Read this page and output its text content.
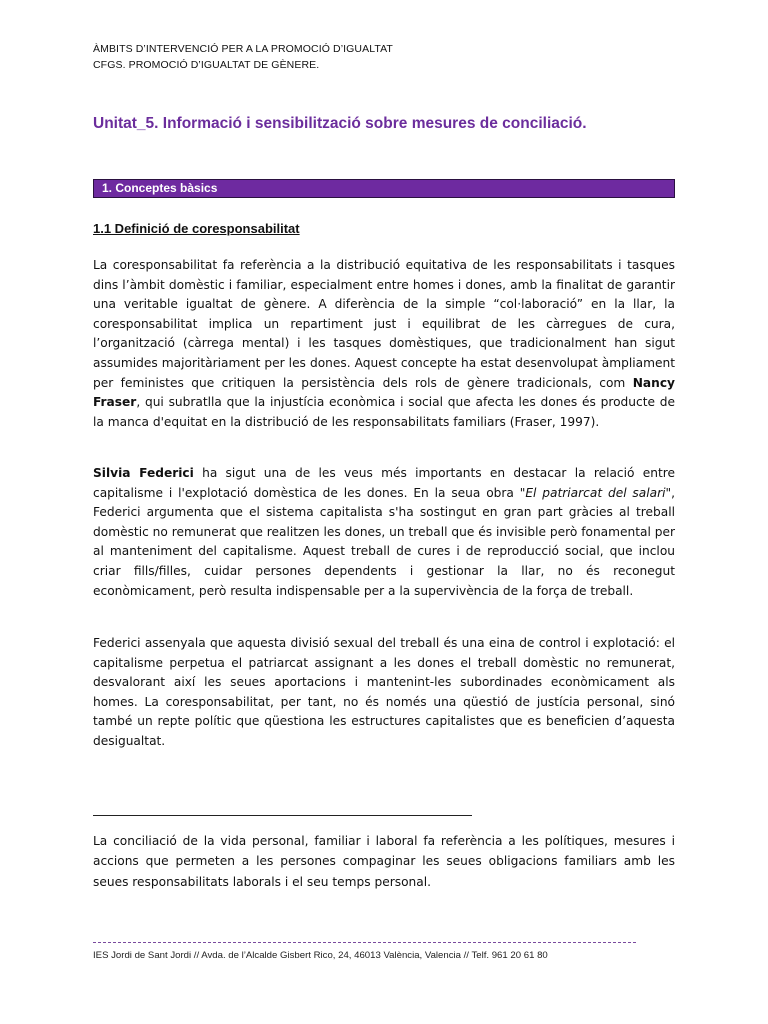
ÀMBITS D’INTERVENCIÓ PER A LA PROMOCIÓ D’IGUALTAT
CFGS. PROMOCIÓ D’IGUALTAT DE GÈNERE.
Unitat_5. Informació i sensibilització sobre mesures de conciliació.
1. Conceptes bàsics
1.1 Definició de coresponsabilitat

La coresponsabilitat fa referència a la distribució equitativa de les responsabilitats i tasques dins l’àmbit domèstic i familiar, especialment entre homes i dones, amb la finalitat de garantir una veritable igualtat de gènere. A diferència de la simple “col·laboració” en la llar, la coresponsabilitat implica un repartiment just i equilibrat de les càrregues de cura, l’organització (càrrega mental) i les tasques domèstiques, que tradicionalment han sigut assumides majoritàriament per les dones. Aquest concepte ha estat desenvolupat àmpliament per feministes que critiquen la persistència dels rols de gènere tradicionals, com Nancy Fraser, qui subratlla que la injustícia econòmica i social que afecta les dones és producte de la manca d'equitat en la distribució de les responsabilitats familiars (Fraser, 1997).

Silvia Federici ha sigut una de les veus més importants en destacar la relació entre capitalisme i l'explotació domèstica de les dones. En la seua obra "El patriarcat del salari", Federici argumenta que el sistema capitalista s'ha sostingut en gran part gràcies al treball domèstic no remunerat que realitzen les dones, un treball que és invisible però fonamental per al manteniment del capitalisme. Aquest treball de cures i de reproducció social, que inclou criar fills/filles, cuidar persones dependents i gestionar la llar, no és reconegut econòmicament, però resulta indispensable per a la supervivència de la força de treball.

Federici assenyala que aquesta divisió sexual del treball és una eina de control i explotació: el capitalisme perpetua el patriarcat assignant a les dones el treball domèstic no remunerat, desvalorant així les seues aportacions i mantenint-les subordinades econòmicament als homes. La coresponsabilitat, per tant, no és només una qüestió de justícia personal, sinó també un repte polític que qüestiona les estructures capitalistes que es beneficien d’aquesta desigualtat.

La conciliació de la vida personal, familiar i laboral fa referència a les polítiques, mesures i accions que permeten a les persones compaginar les seues obligacions familiars amb les seues responsabilitats laborals i el seu temps personal.

IES Jordi de Sant Jordi // Avda. de l’Alcalde Gisbert Rico, 24, 46013 València, Valencia // Telf. 961 20 61 80
